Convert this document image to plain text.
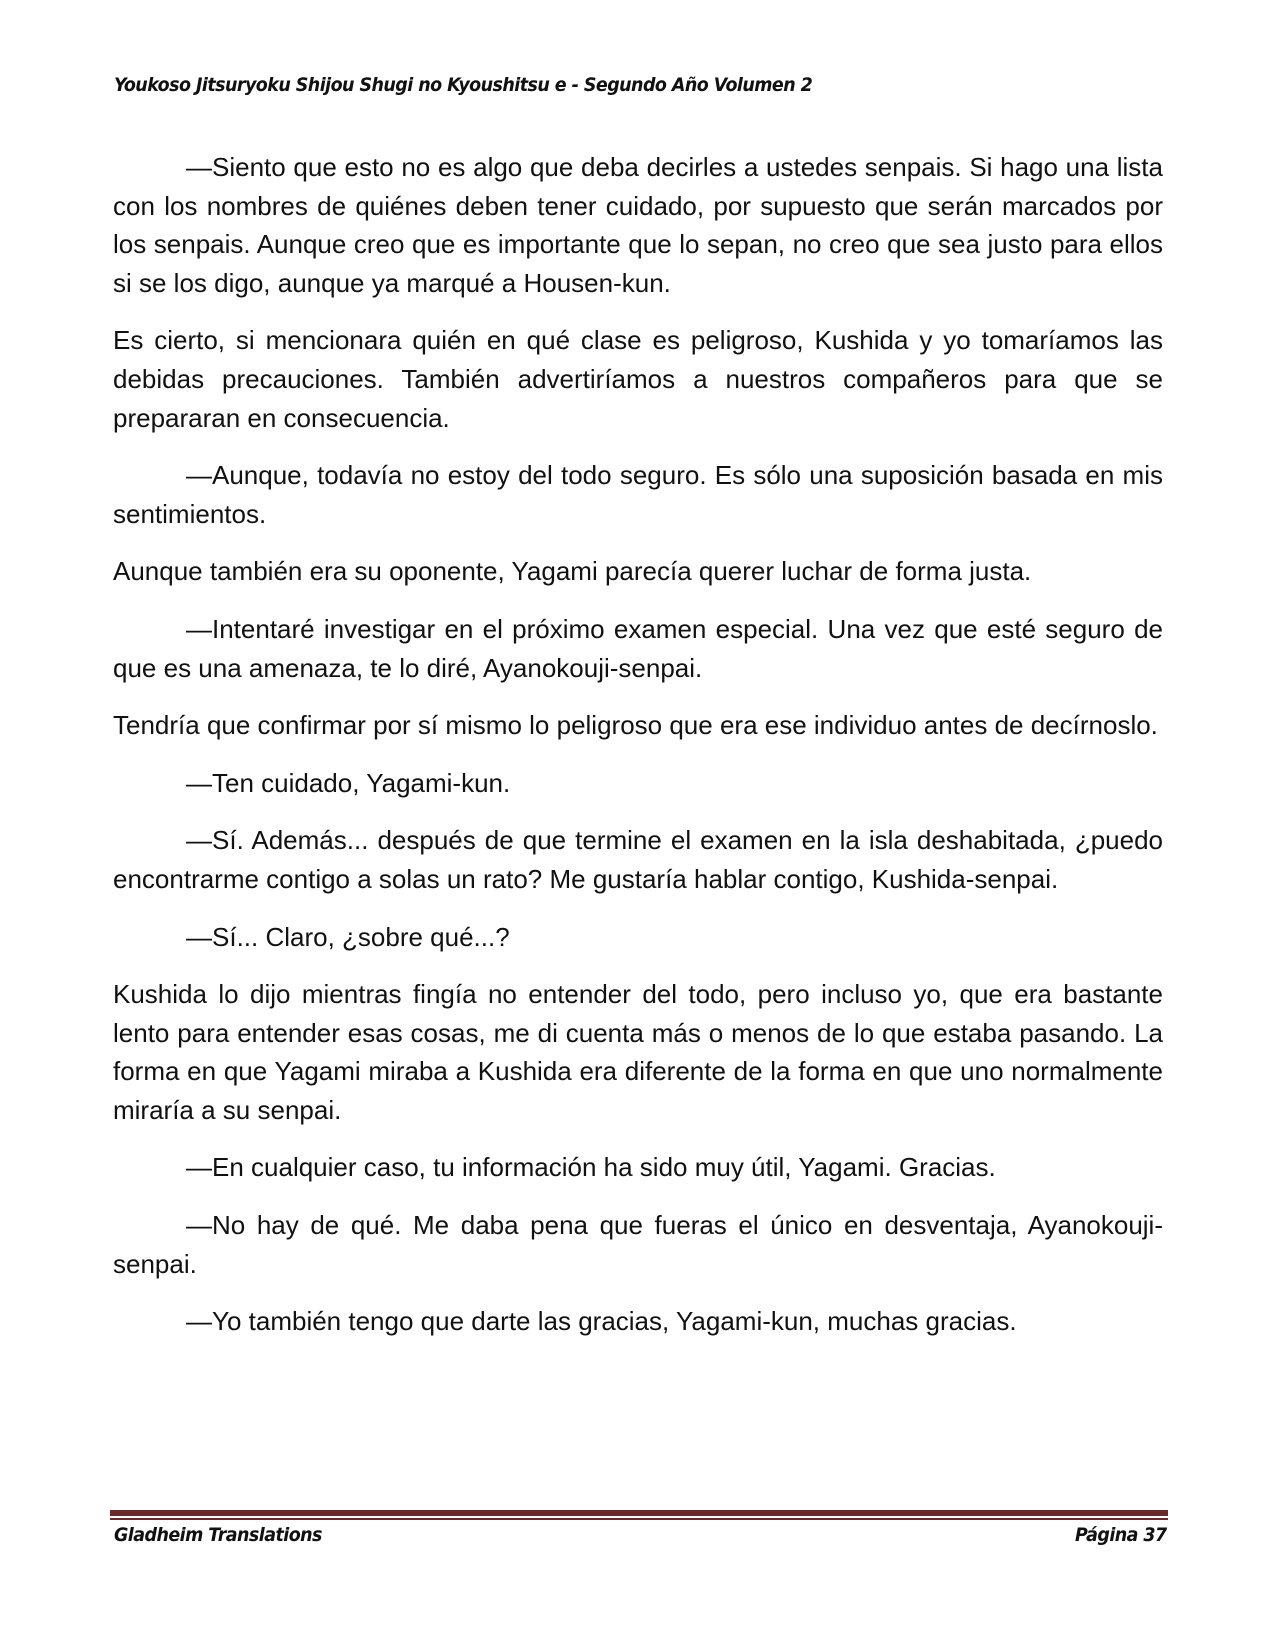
Youkoso Jitsuryoku Shijou Shugi no Kyoushitsu e - Segundo Año Volumen 2

—Siento que esto no es algo que deba decirles a ustedes senpais. Si hago una lista con los nombres de quiénes deben tener cuidado, por supuesto que serán marcados por los senpais. Aunque creo que es importante que lo sepan, no creo que sea justo para ellos si se los digo, aunque ya marqué a Housen-kun.

Es cierto, si mencionara quién en qué clase es peligroso, Kushida y yo tomaríamos las debidas precauciones. También advertiríamos a nuestros compañeros para que se prepararan en consecuencia.

—Aunque, todavía no estoy del todo seguro. Es sólo una suposición basada en mis sentimientos.

Aunque también era su oponente, Yagami parecía querer luchar de forma justa.

—Intentaré investigar en el próximo examen especial. Una vez que esté seguro de que es una amenaza, te lo diré, Ayanokouji-senpai.

Tendría que confirmar por sí mismo lo peligroso que era ese individuo antes de decírnoslo.

—Ten cuidado, Yagami-kun.

—Sí. Además... después de que termine el examen en la isla deshabitada, ¿puedo encontrarme contigo a solas un rato? Me gustaría hablar contigo, Kushida-senpai.

—Sí... Claro, ¿sobre qué...?

Kushida lo dijo mientras fingía no entender del todo, pero incluso yo, que era bastante lento para entender esas cosas, me di cuenta más o menos de lo que estaba pasando. La forma en que Yagami miraba a Kushida era diferente de la forma en que uno normalmente miraría a su senpai.

—En cualquier caso, tu información ha sido muy útil, Yagami. Gracias.

—No hay de qué. Me daba pena que fueras el único en desventaja, Ayanokouji-senpai.

—Yo también tengo que darte las gracias, Yagami-kun, muchas gracias.

Gladheim Translations	Página 37
